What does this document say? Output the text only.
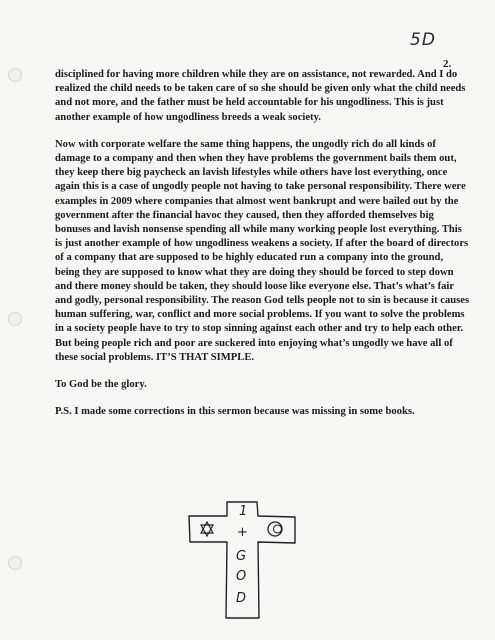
5D
2.

disciplined for having more children while they are on assistance, not rewarded. And I do realized the child needs to be taken care of so she should be given only what the child needs and not more, and the father must be held accountable for his ungodliness. This is just another example of how ungodliness breeds a weak society.

Now with corporate welfare the same thing happens, the ungodly rich do all kinds of damage to a company and then when they have problems the government bails them out, they keep there big paycheck an lavish lifestyles while others have lost everything, once again this is a case of ungodly people not having to take personal responsibility. There were examples in 2009 where companies that almost went bankrupt and were bailed out by the government after the financial havoc they caused, then they afforded themselves big bonuses and lavish nonsense spending all while many working people lost everything. This is just another example of how ungodliness weakens a society. If after the board of directors of a company that are supposed to be highly educated run a company into the ground, being they are supposed to know what they are doing they should be forced to step down and there money should be taken, they should loose like everyone else. That’s what’s fair and godly, personal responsibility. The reason God tells people not to sin is because it causes human suffering, war, conflict and more social problems. If you want to solve the problems in a society people have to try to stop sinning against each other and try to help each other. But being people rich and poor are suckered into enjoying what’s ungodly we have all of these social problems. IT’S THAT SIMPLE.

To God be the glory.

P.S. I made some corrections in this sermon because was missing in some books.

1
+
G
O
D
